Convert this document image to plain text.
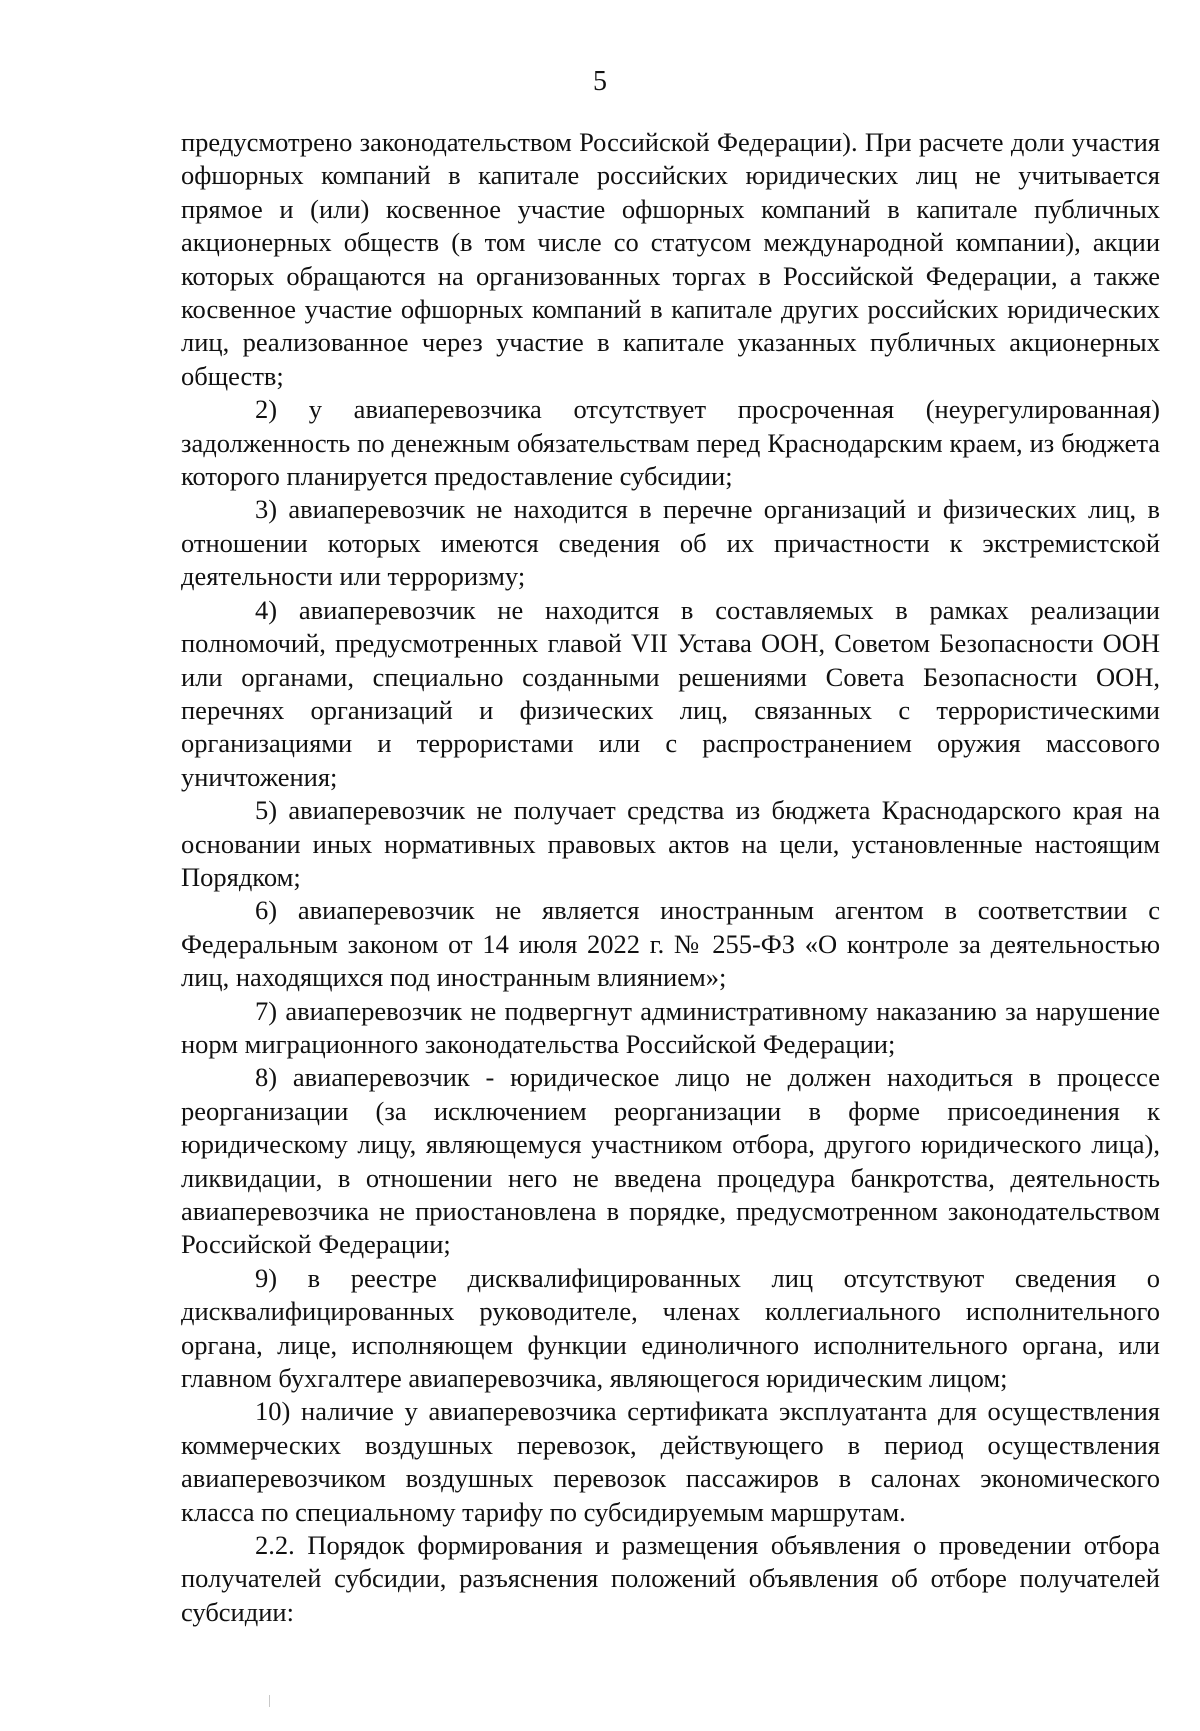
5

предусмотрено законодательством Российской Федерации). При расчете доли участия офшорных компаний в капитале российских юридических лиц не учитывается прямое и (или) косвенное участие офшорных компаний в капитале публичных акционерных обществ (в том числе со статусом международной компании), акции которых обращаются на организованных торгах в Российской Федерации, а также косвенное участие офшорных компаний в капитале других российских юридических лиц, реализованное через участие в капитале указанных публичных акционерных обществ;

2) у авиаперевозчика отсутствует просроченная (неурегулированная) задолженность по денежным обязательствам перед Краснодарским краем, из бюджета которого планируется предоставление субсидии;

3) авиаперевозчик не находится в перечне организаций и физических лиц, в отношении которых имеются сведения об их причастности к экстремистской деятельности или терроризму;

4) авиаперевозчик не находится в составляемых в рамках реализации полномочий, предусмотренных главой VII Устава ООН, Советом Безопасности ООН или органами, специально созданными решениями Совета Безопасности ООН, перечнях организаций и физических лиц, связанных с террористическими организациями и террористами или с распространением оружия массового уничтожения;

5) авиаперевозчик не получает средства из бюджета Краснодарского края на основании иных нормативных правовых актов на цели, установленные настоящим Порядком;

6) авиаперевозчик не является иностранным агентом в соответствии с Федеральным законом от 14 июля 2022 г. № 255-ФЗ «О контроле за деятельностью лиц, находящихся под иностранным влиянием»;

7) авиаперевозчик не подвергнут административному наказанию за нарушение норм миграционного законодательства Российской Федерации;

8) авиаперевозчик - юридическое лицо не должен находиться в процессе реорганизации (за исключением реорганизации в форме присоединения к юридическому лицу, являющемуся участником отбора, другого юридического лица), ликвидации, в отношении него не введена процедура банкротства, деятельность авиаперевозчика не приостановлена в порядке, предусмотренном законодательством Российской Федерации;

9) в реестре дисквалифицированных лиц отсутствуют сведения о дисквалифицированных руководителе, членах коллегиального исполнительного органа, лице, исполняющем функции единоличного исполнительного органа, или главном бухгалтере авиаперевозчика, являющегося юридическим лицом;

10) наличие у авиаперевозчика сертификата эксплуатанта для осуществления коммерческих воздушных перевозок, действующего в период осуществления авиаперевозчиком воздушных перевозок пассажиров в салонах экономического класса по специальному тарифу по субсидируемым маршрутам.

2.2. Порядок формирования и размещения объявления о проведении отбора получателей субсидии, разъяснения положений объявления об отборе получателей субсидии:
